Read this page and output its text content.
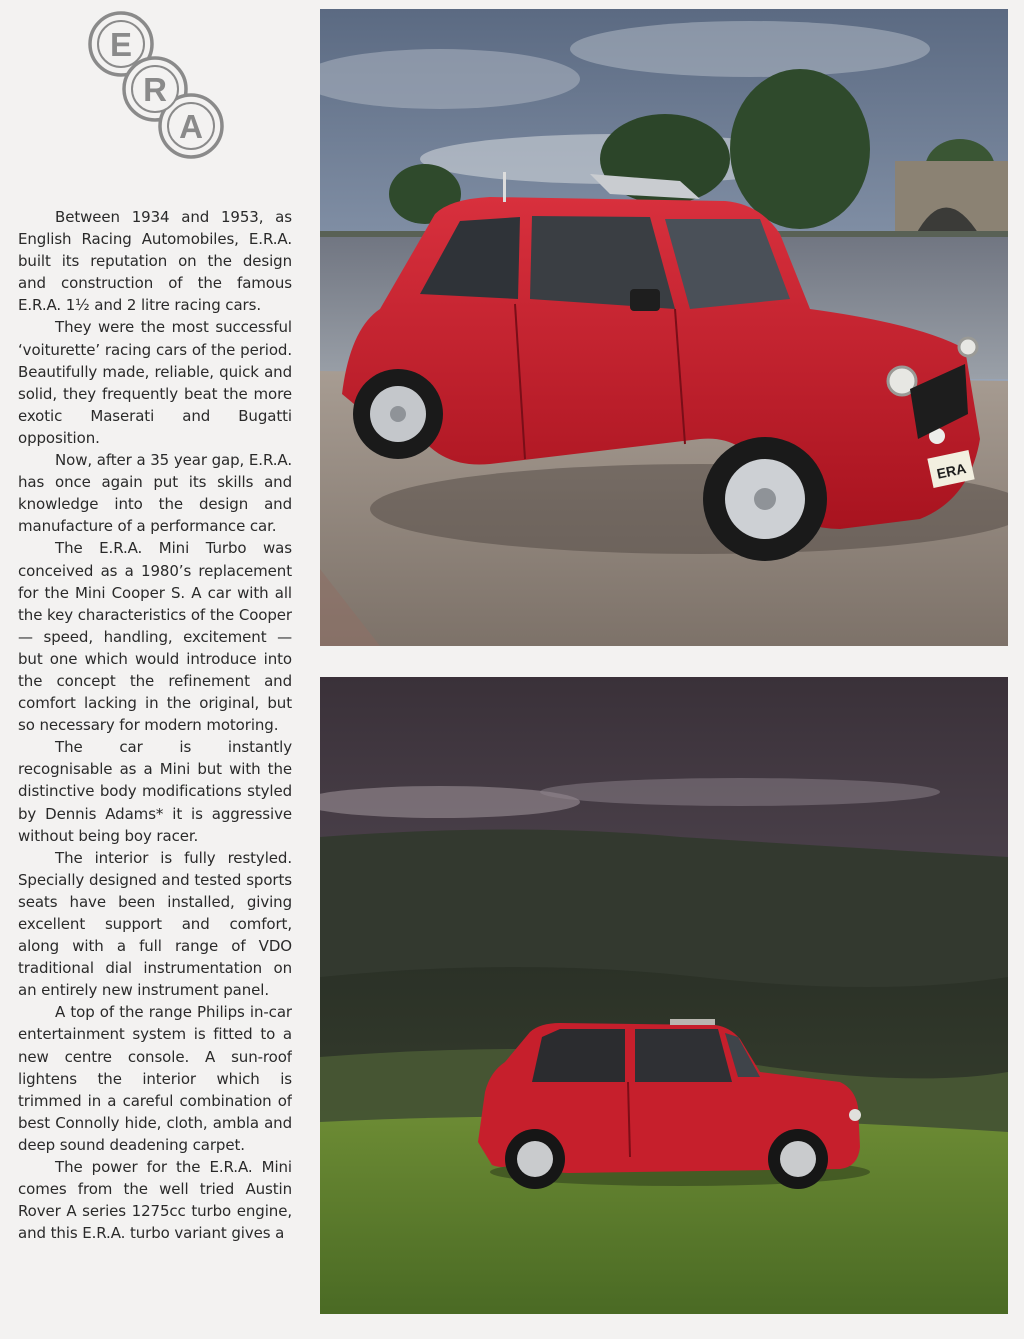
E
R
A

Between 1934 and 1953, as English Racing Automobiles, E.R.A. built its reputation on the design and construction of the famous E.R.A. 1½ and 2 litre racing cars.

They were the most successful ‘voiturette’ racing cars of the period. Beautifully made, reliable, quick and solid, they frequently beat the more exotic Maserati and Bugatti opposition.

Now, after a 35 year gap, E.R.A. has once again put its skills and knowledge into the design and manufacture of a performance car.

The E.R.A. Mini Turbo was conceived as a 1980’s replacement for the Mini Cooper S. A car with all the key characteristics of the Cooper — speed, handling, excitement — but one which would introduce into the concept the refinement and comfort lacking in the original, but so necessary for modern motoring.

The car is instantly recognisable as a Mini but with the distinctive body modifications styled by Dennis Adams* it is aggressive without being boy racer.

The interior is fully restyled. Specially designed and tested sports seats have been installed, giving excellent support and comfort, along with a full range of VDO traditional dial instrumentation on an entirely new instrument panel.

A top of the range Philips in-car entertainment system is fitted to a new centre console. A sun-roof lightens the interior which is trimmed in a careful combination of best Connolly hide, cloth, ambla and deep sound deadening carpet.

The power for the E.R.A. Mini comes from the well tried Austin Rover A series 1275cc turbo engine, and this E.R.A. turbo variant gives a

ERA
